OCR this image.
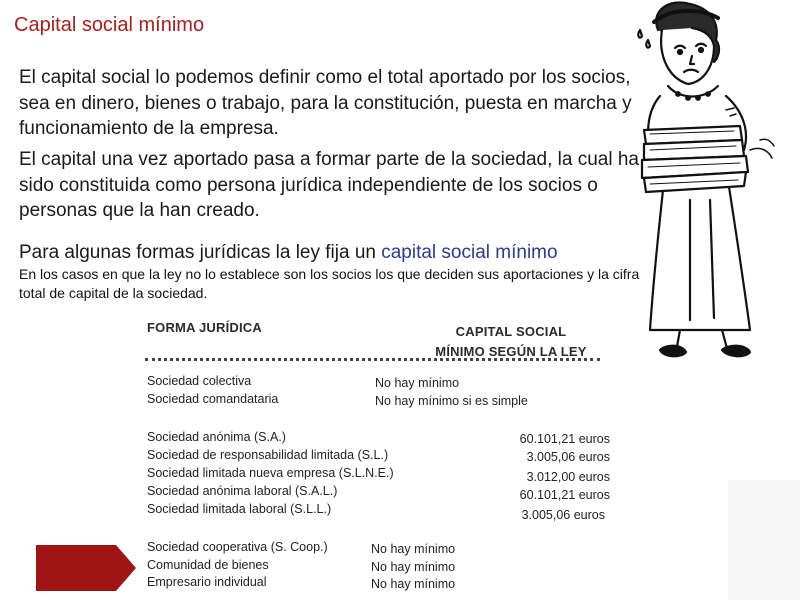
Capital social mínimo
El capital social lo podemos definir como el total aportado por los socios, sea en dinero, bienes o trabajo, para la constitución, puesta en marcha y funcionamiento de la empresa.
El capital una vez aportado pasa a formar parte de la sociedad, la cual ha sido constituida como persona jurídica independiente de los socios o personas que la han creado.
Para algunas formas jurídicas la ley fija un capital social mínimo
En los casos en que la ley no lo establece son los socios los que deciden sus aportaciones y la cifra total de capital de la sociedad.
FORMA JURÍDICA	CAPITAL SOCIAL
MÍNIMO SEGÚN LA LEY
Sociedad colectiva	No hay mínimo
Sociedad comandataria	No hay mínimo si es simple
Sociedad anónima (S.A.)	60.101,21 euros
Sociedad de responsabilidad limitada (S.L.)	3.005,06 euros
Sociedad limitada nueva empresa (S.L.N.E.)	3.012,00 euros
Sociedad anónima laboral (S.A.L.)	60.101,21 euros
Sociedad limitada laboral (S.L.L.)	3.005,06 euros
Sociedad cooperativa (S. Coop.)	No hay mínimo
Comunidad de bienes	No hay mínimo
Empresario individual	No hay mínimo
